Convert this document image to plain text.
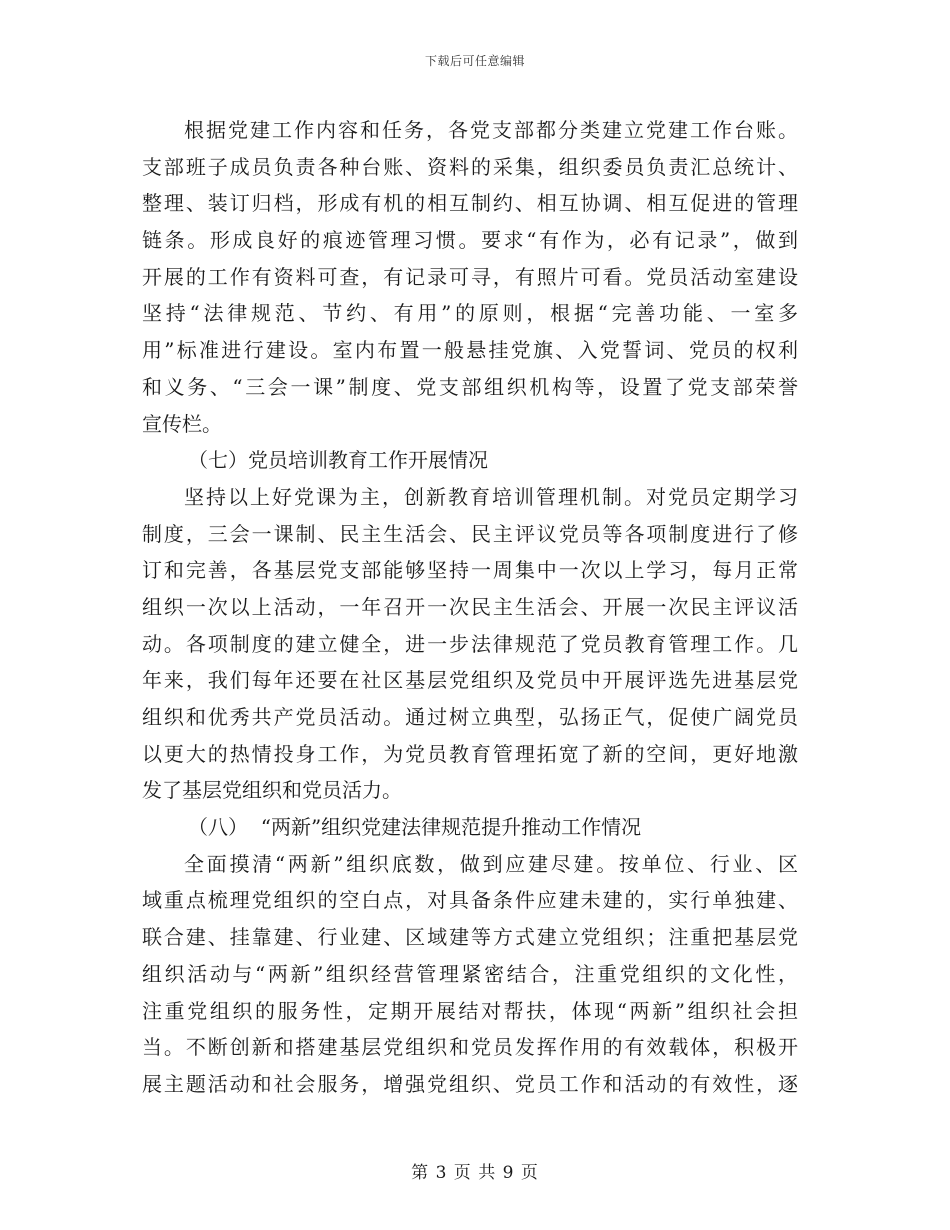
下载后可任意编辑
根据党建工作内容和任务，各党支部都分类建立党建工作台账。
支部班子成员负责各种台账、资料的采集，组织委员负责汇总统计、
整理、装订归档，形成有机的相互制约、相互协调、相互促进的管理
链条。形成良好的痕迹管理习惯。要求“有作为，必有记录”，做到
开展的工作有资料可查，有记录可寻，有照片可看。党员活动室建设
坚持“法律规范、节约、有用”的原则，根据“完善功能、一室多
用”标准进行建设。室内布置一般悬挂党旗、入党誓词、党员的权利
和义务、“三会一课”制度、党支部组织机构等，设置了党支部荣誉
宣传栏。
（七）党员培训教育工作开展情况
坚持以上好党课为主，创新教育培训管理机制。对党员定期学习
制度，三会一课制、民主生活会、民主评议党员等各项制度进行了修
订和完善，各基层党支部能够坚持一周集中一次以上学习，每月正常
组织一次以上活动，一年召开一次民主生活会、开展一次民主评议活
动。各项制度的建立健全，进一步法律规范了党员教育管理工作。几
年来，我们每年还要在社区基层党组织及党员中开展评选先进基层党
组织和优秀共产党员活动。通过树立典型，弘扬正气，促使广阔党员
以更大的热情投身工作，为党员教育管理拓宽了新的空间，更好地激
发了基层党组织和党员活力。
（八）  “两新”组织党建法律规范提升推动工作情况
全面摸清“两新”组织底数，做到应建尽建。按单位、行业、区
域重点梳理党组织的空白点，对具备条件应建未建的，实行单独建、
联合建、挂靠建、行业建、区域建等方式建立党组织；注重把基层党
组织活动与“两新”组织经营管理紧密结合，注重党组织的文化性，
注重党组织的服务性，定期开展结对帮扶，体现“两新”组织社会担
当。不断创新和搭建基层党组织和党员发挥作用的有效载体，积极开
展主题活动和社会服务，增强党组织、党员工作和活动的有效性，逐
第 3 页 共 9 页
